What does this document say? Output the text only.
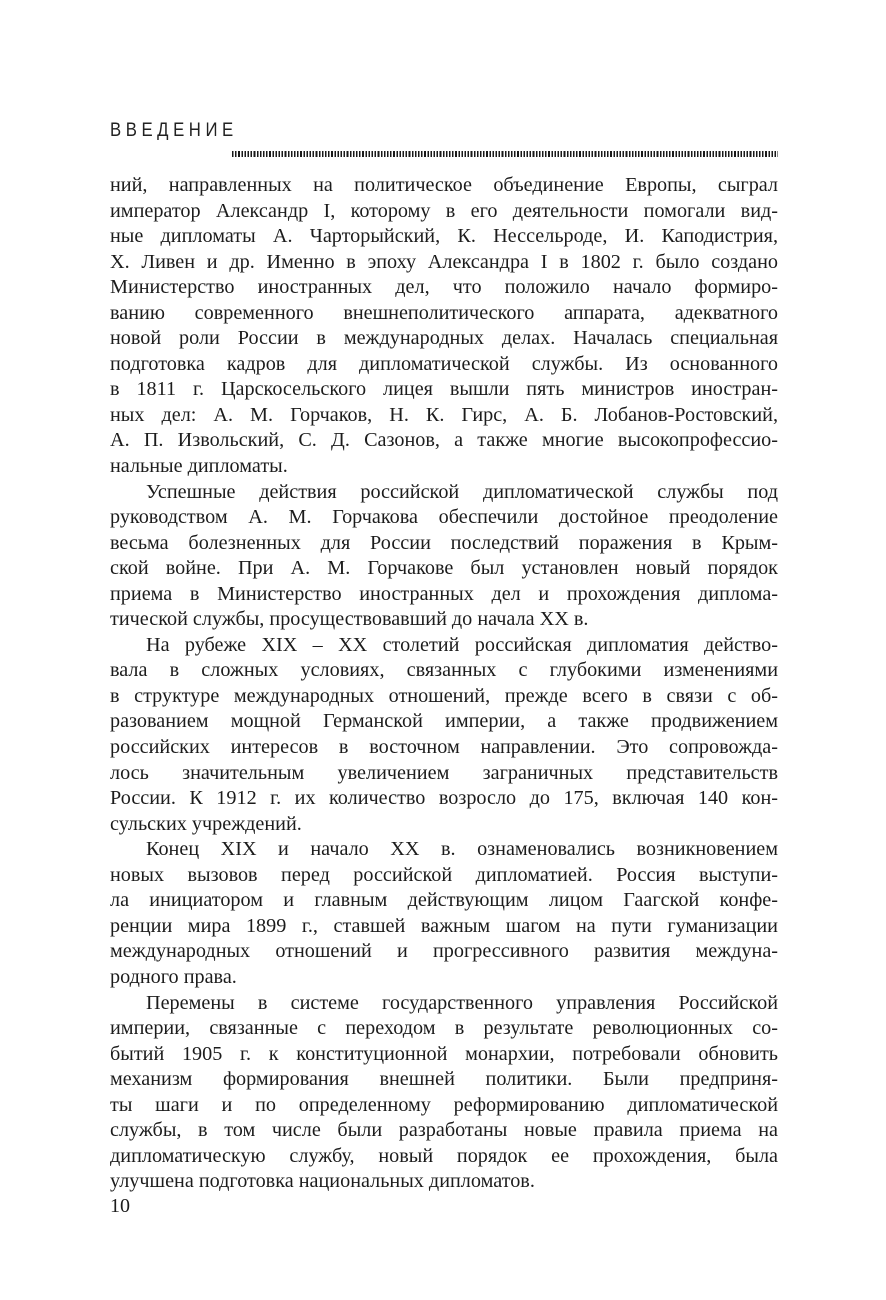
ВВЕДЕНИЕ

ний, направленных на политическое объединение Европы, сыграл
император Александр I, которому в его деятельности помогали вид-
ные дипломаты А. Чарторыйский, К. Нессельроде, И. Каподистрия,
Х. Ливен и др. Именно в эпоху Александра I в 1802 г. было создано
Министерство иностранных дел, что положило начало формиро-
ванию современного внешнеполитического аппарата, адекватного
новой роли России в международных делах. Началась специальная
подготовка кадров для дипломатической службы. Из основанного
в 1811 г. Царскосельского лицея вышли пять министров иностран-
ных дел: А. М. Горчаков, Н. К. Гирс, А. Б. Лобанов-Ростовский,
А. П. Извольский, С. Д. Сазонов, а также многие высокопрофессио-
нальные дипломаты.

Успешные действия российской дипломатической службы под
руководством А. М. Горчакова обеспечили достойное преодоление
весьма болезненных для России последствий поражения в Крым-
ской войне. При А. М. Горчакове был установлен новый порядок
приема в Министерство иностранных дел и прохождения диплома-
тической службы, просуществовавший до начала XX в.

На рубеже XIX – XX столетий российская дипломатия действо-
вала в сложных условиях, связанных с глубокими изменениями
в структуре международных отношений, прежде всего в связи с об-
разованием мощной Германской империи, а также продвижением
российских интересов в восточном направлении. Это сопровожда-
лось значительным увеличением заграничных представительств
России. К 1912 г. их количество возросло до 175, включая 140 кон-
сульских учреждений.

Конец XIX и начало XX в. ознаменовались возникновением
новых вызовов перед российской дипломатией. Россия выступи-
ла инициатором и главным действующим лицом Гаагской конфе-
ренции мира 1899 г., ставшей важным шагом на пути гуманизации
международных отношений и прогрессивного развития междуна-
родного права.

Перемены в системе государственного управления Российской
империи, связанные с переходом в результате революционных со-
бытий 1905 г. к конституционной монархии, потребовали обновить
механизм формирования внешней политики. Были предприня-
ты шаги и по определенному реформированию дипломатической
службы, в том числе были разработаны новые правила приема на
дипломатическую службу, новый порядок ее прохождения, была
улучшена подготовка национальных дипломатов.

10
